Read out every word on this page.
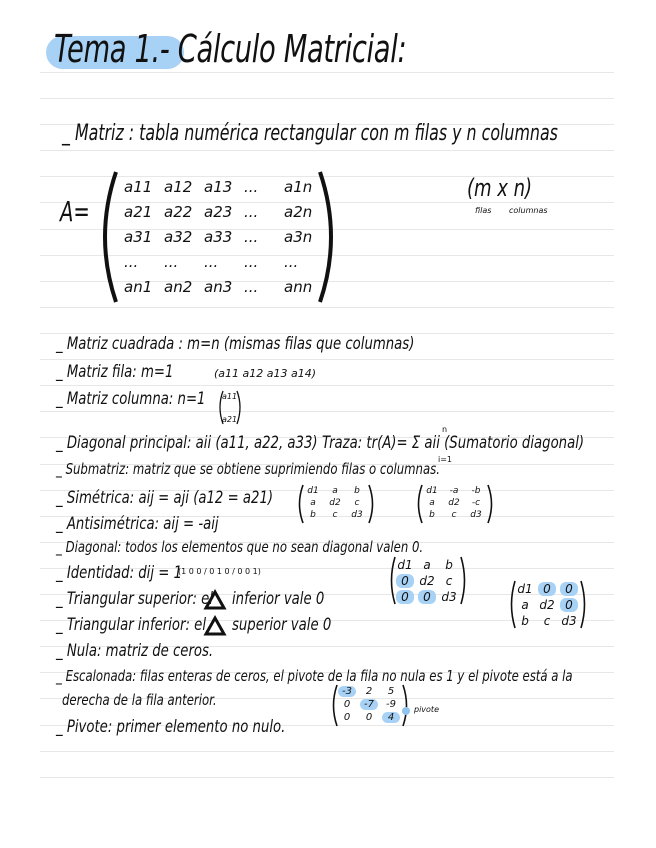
Tema 1.- Cálculo Matricial:
_ Matriz : tabla numérica rectangular con m filas y n columnas
A=
a11 a12 a13 ...	a1n
a21 a22 a23 ...	a2n
a31 a32 a33 ...	a3n
...	...	...	...	...
an1 an2 an3 ...	ann
(m x n)
filas columnas
_ Matriz cuadrada : m=n (mismas filas que columnas)
_ Matriz fila: m=1	(a11 a12 a13 a14)
_ Matriz columna: n=1 a11
a21
_ Diagonal principal: aii (a11, a22, a33) Traza: tr(A)= Σ aii (Sumatorio diagonal)
n
i=1
_ Submatriz: matriz que se obtiene suprimiendo filas o columnas.
_ Simétrica: aij = aji (a12 = a21)
_ Antisimétrica: aij = -aij
d1	a	b
a	d2	c
b	c	d3
d1	-a	-b
a	d2	-c
b	c	d3
_ Diagonal: todos los elementos que no sean diagonal valen 0.
_ Identidad: dij = 1
(1 0 0 / 0 1 0 / 0 0 1)
_ Triangular superior: el inferior vale 0
_ Triangular inferior: el superior vale 0
d1 a	b
0 d2 c
0	0 d3
d1 0	0
a d2 0
b	c d3
_ Nula: matriz de ceros.
_ Escalonada: filas enteras de ceros, el pivote de la fila no nula es 1 y el pivote está a la
derecha de la fila anterior.
_ Pivote: primer elemento no nulo.
-3	2	5
0	-7	-9
0	0	4
pivote
